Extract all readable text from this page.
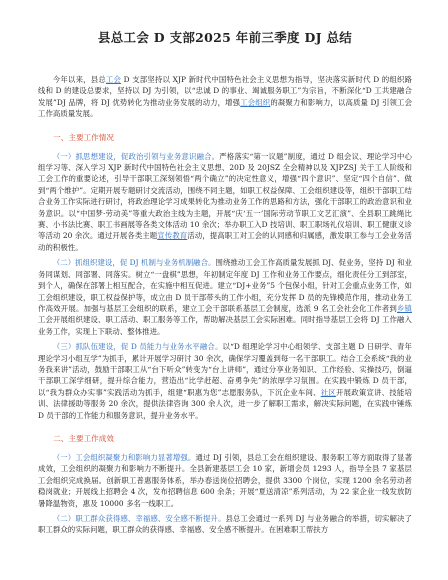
县总工会 D 支部2025 年前三季度 DJ 总结

今年以来，县总工会 D 支部坚持以 XJP 新时代中国特色社会主义思想为指导，坚决落实新时代 D 的组织路线和 D 的建设总要求，坚持以 DJ 为引领，以“忠诚 D 的事业、竭诚服务职工”为宗旨，不断深化“D 工共建融合发展”DJ 品牌，将 DJ 优势转化为推动业务发展的动力，增强工会组织的凝聚力和影响力，以高质量 DJ 引领工会工作高质量发展。

一、主要工作情况

（一）抓思想建设，促政治引领与业务意识融合。严格落实“第一议题”制度，通过 D 组会议、理论学习中心组学习等、深入学习 XJP 新时代中国特色社会主义思想、20D 及 20JSZ 全会精神以及 XJPZSJ 关于工人阶级和工会工作的重要论述，引导干部职工深刻领悟“两个确立”的决定性意义，增强“四个意识”、坚定“四个自信”、做到“两个维护”。定期开展专题研讨交流活动，围绕不同主题，如职工权益保障、工会组织建设等，组织干部职工结合业务工作实际进行研讨，将政治理论学习成果转化为推动业务工作的思路和方法，强化干部职工的政治意识和业务意识。以“中国梦·劳动美”等重大政治主线为主题，开展“庆‘五一’国际劳动节职工文艺汇演”、全县职工跳绳比赛、小书法比赛、职工书画展等各类文体活动 10 余次；举办职工入D 技培训、职工职场礼仪培训、职工健康义诊等活动 20 余次。通过开展各类主题宣传教育活动，提高职工对工会的认同感和归属感，激发职工参与工会业务活动的积极性。

（二）抓组织建设，促 DJ 机制与业务机制融合。围绕推动工会工作高质量发展抓 DJ、促业务，坚持 DJ 和业务同谋划、同部署、同落实。树立“一盘棋”思想，年初制定年度 DJ 工作和业务工作要点，细化责任分工到部室，到个人，确保在部署上相互配合，在实施中相互促进。建立“DJ+业务”5 个包保小组，针对工会重点业务工作，如工会组织建设，职工权益保护等，成立由 D 员干部带头的工作小组，充分发挥 D 员的先锋模范作用，推动业务工作高效开展。加强与基层工会组织的联系，建立工会干部联系基层工会制度，选派 9 名工会社会化工作者到乡镇工会开展组织建设、职工活动、职工服务等工作，帮助解决基层工会实际困难。同时指导基层工会将 DJ 工作融入业务工作，实现上下联动、整体推进。

（三）抓队伍建设，促 D 员能力与业务水平融合。以“D 组理论学习中心组领学、支部主题 D 日研学、青年理论学习小组互学”为抓手，累计开展学习研讨 30 余次，确保学习覆盖到每一名干部职工。结合工会系统“我的业务我来讲”活动，鼓励干部职工从“台下听众”转变为“台上讲师”，通过分享业务知识、工作经验、实操技巧，倒逼干部职工深学细研，提升综合能力，营造出“比学赶超、奋勇争先”的浓厚学习氛围。在实践中锻炼 D 员干部，以“我为群众办实事”实践活动为抓手，组建“职惠为您”志愿服务队，下沉企业车间、社区开展政策宣讲、技能培训、法律援助等服务 20 余次，提供法律咨询 300 余人次，进一步了解职工需求，解决实际问题，在实践中锤炼 D 员干部的工作能力和服务意识，提升业务水平。

二、主要工作成效

（一）工会组织凝聚力和影响力显著增强。通过 DJ 引领，县总工会在组织建设、服务职工等方面取得了显著成效，工会组织的凝聚力和影响力不断提升。全县新建基层工会 10 家，新增会员 1293 人，指导全县 7 家基层工会组织完成换届。创新职工普惠服务体系，举办春送岗位招聘会，提供 3300 个岗位，实现 1200 余名劳动者稳岗就业；开展线上招聘会 4 次，发布招聘信息 600 余条；开展“夏送清凉”系列活动，为 22 家企业一线发放防暑降温物资，惠及 10000 多名一线职工。

（二）职工群众获得感、幸福感、安全感不断提升。县总工会通过一系列 DJ 与业务融合的举措，切实解决了职工群众的实际问题，职工群众的获得感、幸福感、安全感不断提升。在困难职工帮扶方
